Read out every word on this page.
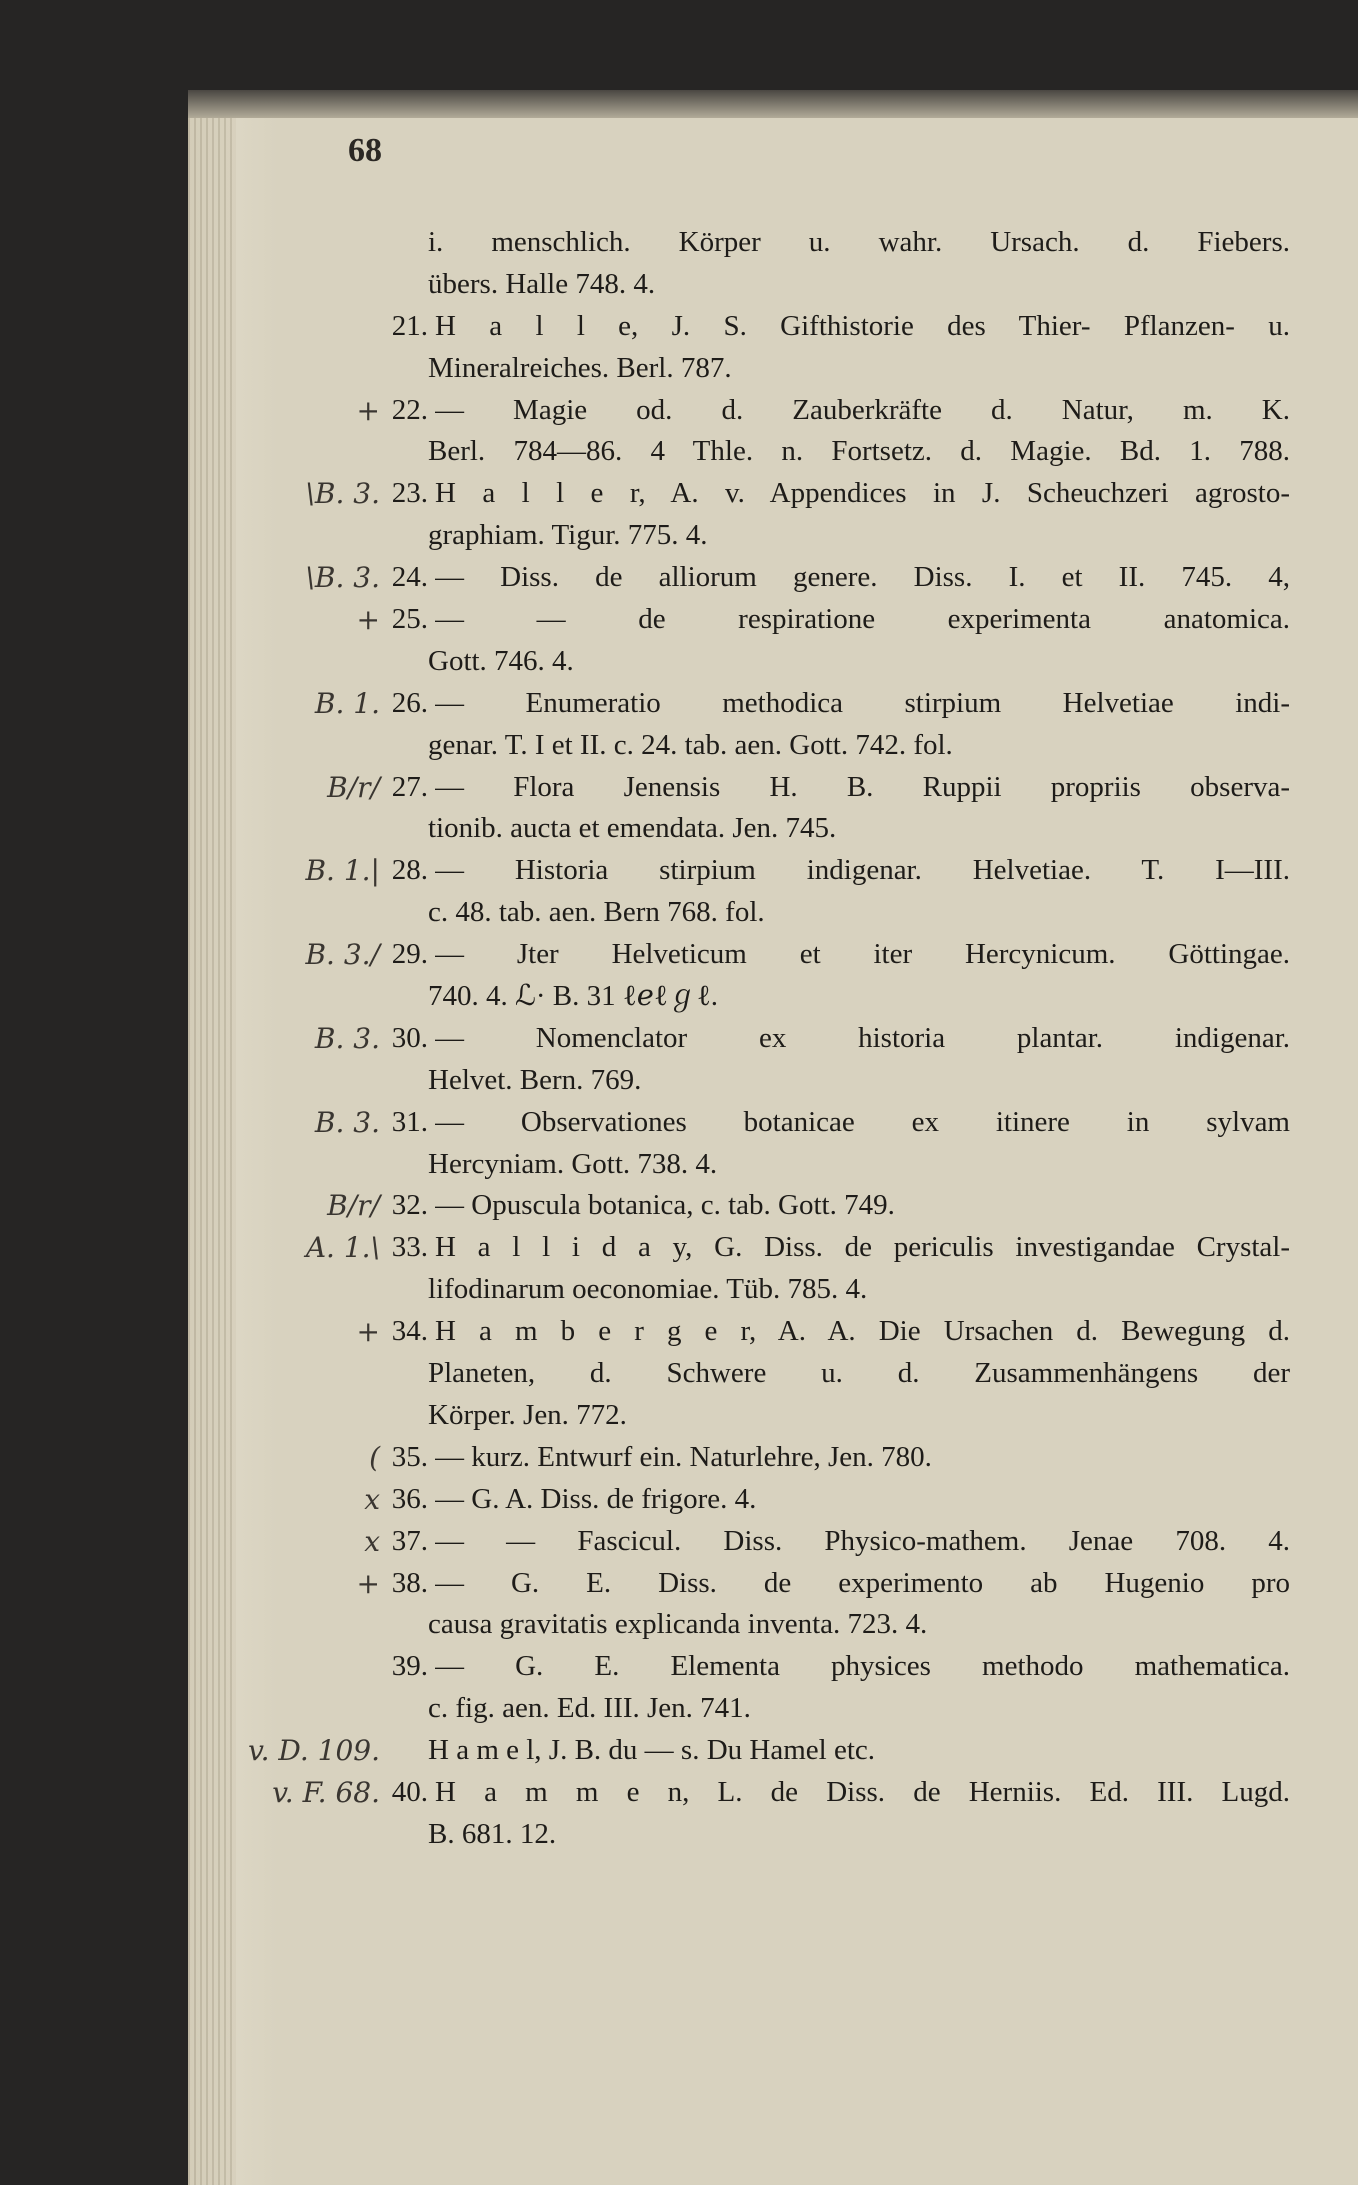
68
i. menschlich. Körper u. wahr. Ursach. d. Fiebers.
übers. Halle 748. 4.
21. H a l l e, J. S. Gifthistorie des Thier- Pflanzen- u.
Mineralreiches. Berl. 787.
+ 22. — Magie od. d. Zauberkräfte d. Natur, m. K.
Berl. 784—86. 4 Thle. n. Fortsetz. d. Magie. Bd. 1. 788.
\B. 3. 23. H a l l e r, A. v. Appendices in J. Scheuchzeri agrosto-
graphiam. Tigur. 775. 4.
\B. 3. 24. — Diss. de alliorum genere. Diss. I. et II. 745. 4,
+ 25. — — de respiratione experimenta anatomica.
Gott. 746. 4.
B. 1. 26. — Enumeratio methodica stirpium Helvetiae indi-
genar. T. I et II. c. 24. tab. aen. Gott. 742. fol.
B/r/ 27. — Flora Jenensis H. B. Ruppii propriis observa-
tionib. aucta et emendata. Jen. 745.
B. 1.| 28. — Historia stirpium indigenar. Helvetiae. T. I—III.
c. 48. tab. aen. Bern 768. fol.
B. 3./ 29. — Jter Helveticum et iter Hercynicum. Göttingae.
740. 4. ℒ· B. 31 ℓℯℓℊℓ.
B. 3. 30. — Nomenclator ex historia plantar. indigenar.
Helvet. Bern. 769.
B. 3. 31. — Observationes botanicae ex itinere in sylvam
Hercyniam. Gott. 738. 4.
B/r/ 32. — Opuscula botanica, c. tab. Gott. 749.
A. 1.\ 33. H a l l i d a y, G. Diss. de periculis investigandae Crystal-
lifodinarum oeconomiae. Tüb. 785. 4.
+ 34. H a m b e r g e r, A. A. Die Ursachen d. Bewegung d.
Planeten, d. Schwere u. d. Zusammenhängens der
Körper. Jen. 772.
( 35. — kurz. Entwurf ein. Naturlehre, Jen. 780.
x 36. — G. A. Diss. de frigore. 4.
x 37. — — Fascicul. Diss. Physico-mathem. Jenae 708. 4.
+ 38. — G. E. Diss. de experimento ab Hugenio pro
causa gravitatis explicanda inventa. 723. 4.
39. — G. E. Elementa physices methodo mathematica.
c. fig. aen. Ed. III. Jen. 741.
v. D. 109. H a m e l, J. B. du — s. Du Hamel etc.
v. F. 68. 40. H a m m e n, L. de Diss. de Herniis. Ed. III. Lugd.
B. 681. 12.
